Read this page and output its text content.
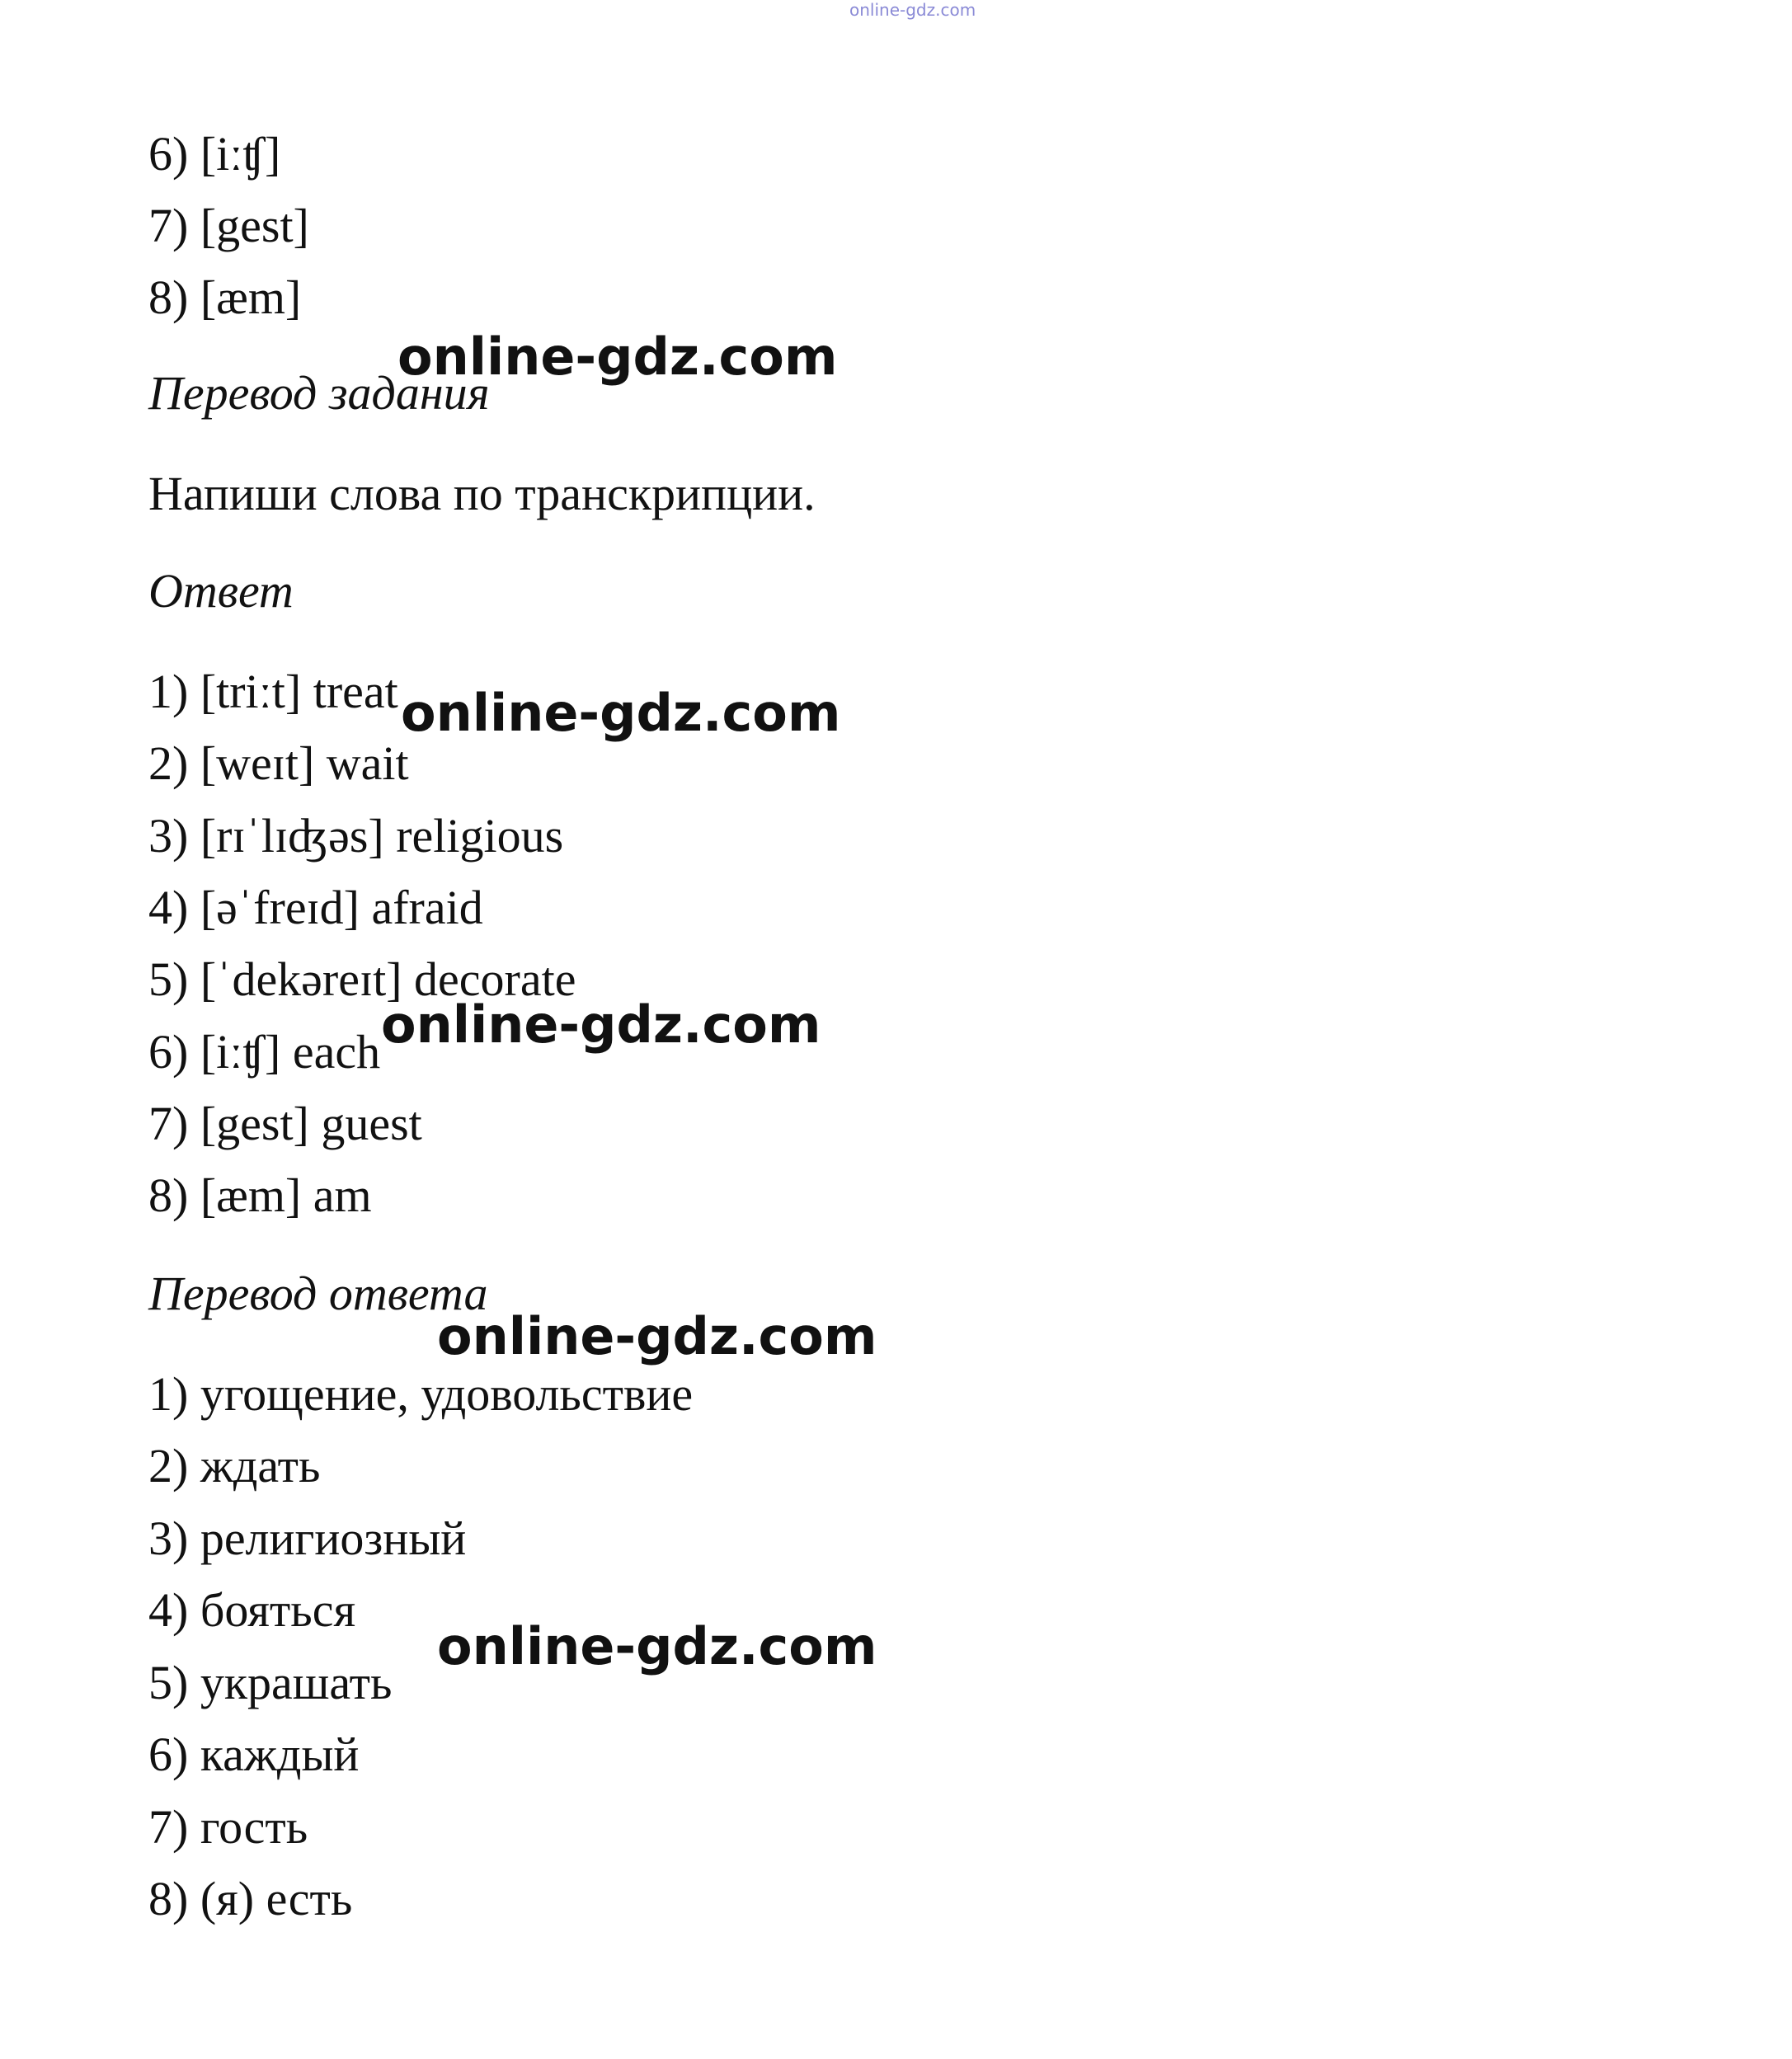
online-gdz.com
6) [iːʧ]
7) [gest]
8) [æm]
Перевод задания
Напиши слова по транскрипции.
Ответ
1) [triːt] treat
2) [weɪt] wait
3) [rɪˈlɪʤəs] religious
4) [əˈfreɪd] afraid
5) [ˈdekəreɪt] decorate
6) [iːʧ] each
7) [gest] guest
8) [æm] am
Перевод ответа
1) угощение, удовольствие
2) ждать
3) религиозный
4) бояться
5) украшать
6) каждый
7) гость
8) (я) есть
online-gdz.com
online-gdz.com
online-gdz.com
online-gdz.com
online-gdz.com
